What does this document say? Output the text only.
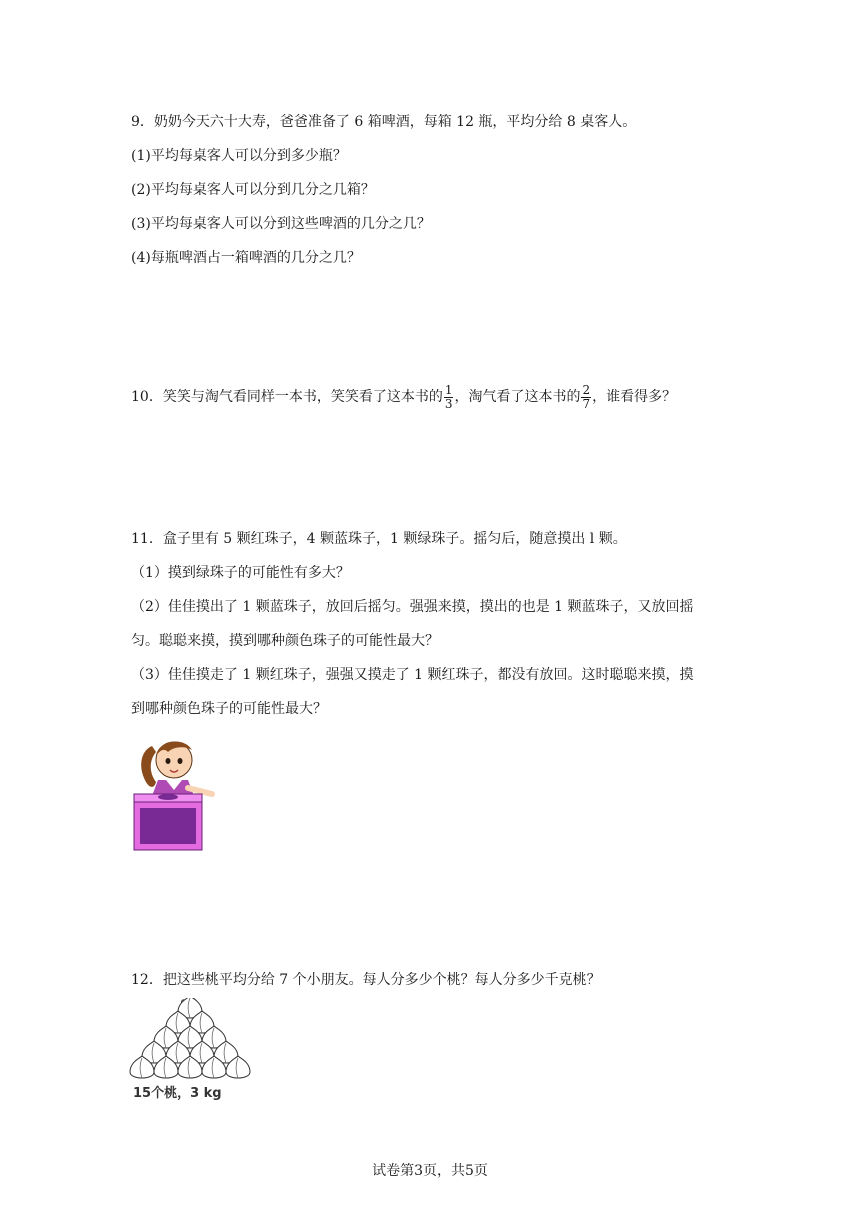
9．奶奶今天六十大寿，爸爸准备了 6 箱啤酒，每箱 12 瓶，平均分给 8 桌客人。
(1)平均每桌客人可以分到多少瓶？
(2)平均每桌客人可以分到几分之几箱？
(3)平均每桌客人可以分到这些啤酒的几分之几？
(4)每瓶啤酒占一箱啤酒的几分之几？
10．笑笑与淘气看同样一本书，笑笑看了这本书的 $\frac{1}{3}$ ，淘气看了这本书的 $\frac{2}{7}$ ，谁看得多？
11．盒子里有 5 颗红珠子，4 颗蓝珠子，1 颗绿珠子。摇匀后，随意摸出 l 颗。
（1）摸到绿珠子的可能性有多大？
（2）佳佳摸出了 1 颗蓝珠子，放回后摇匀。强强来摸，摸出的也是 1 颗蓝珠子，又放回摇
匀。聪聪来摸，摸到哪种颜色珠子的可能性最大？
（3）佳佳摸走了 1 颗红珠子，强强又摸走了 1 颗红珠子，都没有放回。这时聪聪来摸，摸
到哪种颜色珠子的可能性最大？
12．把这些桃平均分给 7 个小朋友。每人分多少个桃？每人分多少千克桃？
15个桃，3 kg
试卷第3页，共5页
